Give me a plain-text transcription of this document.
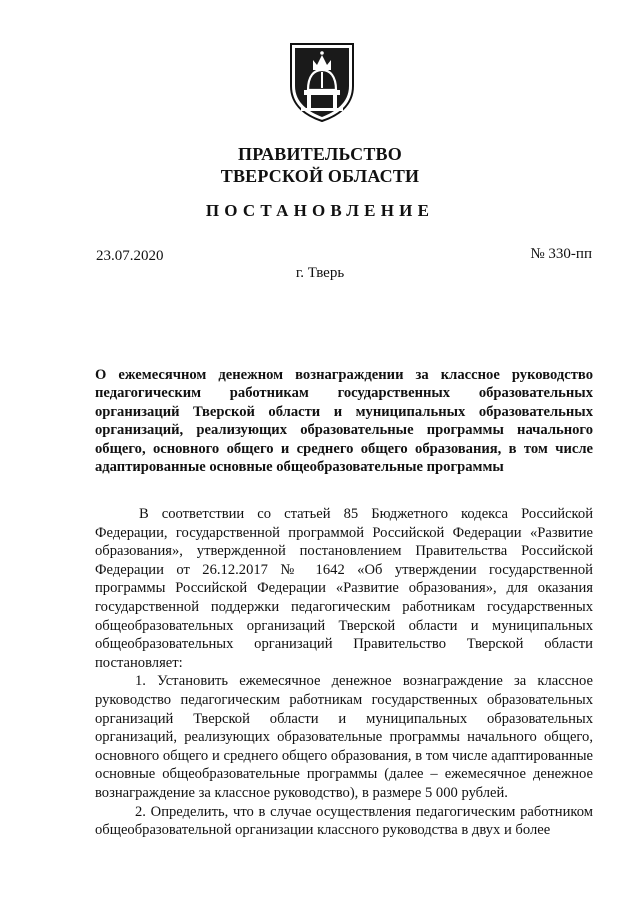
ПРАВИТЕЛЬСТВО
ТВЕРСКОЙ ОБЛАСТИ
ПОСТАНОВЛЕНИЕ
23.07.2020	№ 330-пп
г. Тверь
О ежемесячном денежном вознаграждении за классное руководство педагогическим работникам государственных образовательных организаций Тверской области и муниципальных образовательных организаций, реализующих образовательные программы начального общего, основного общего и среднего общего образования, в том числе адаптированные основные общеобразовательные программы

В соответствии со статьей 85 Бюджетного кодекса Российской Федерации, государственной программой Российской Федерации «Развитие образования», утвержденной постановлением Правительства Российской Федерации от 26.12.2017 № 1642 «Об утверждении государственной программы Российской Федерации «Развитие образования», для оказания государственной поддержки педагогическим работникам государственных общеобразовательных организаций Тверской области и муниципальных общеобразовательных организаций Правительство Тверской области постановляет:

1. Установить ежемесячное денежное вознаграждение за классное руководство педагогическим работникам государственных образовательных организаций Тверской области и муниципальных образовательных организаций, реализующих образовательные программы начального общего, основного общего и среднего общего образования, в том числе адаптированные основные общеобразовательные программы (далее – ежемесячное денежное вознаграждение за классное руководство), в размере 5 000 рублей.

2. Определить, что в случае осуществления педагогическим работником общеобразовательной организации классного руководства в двух и более
